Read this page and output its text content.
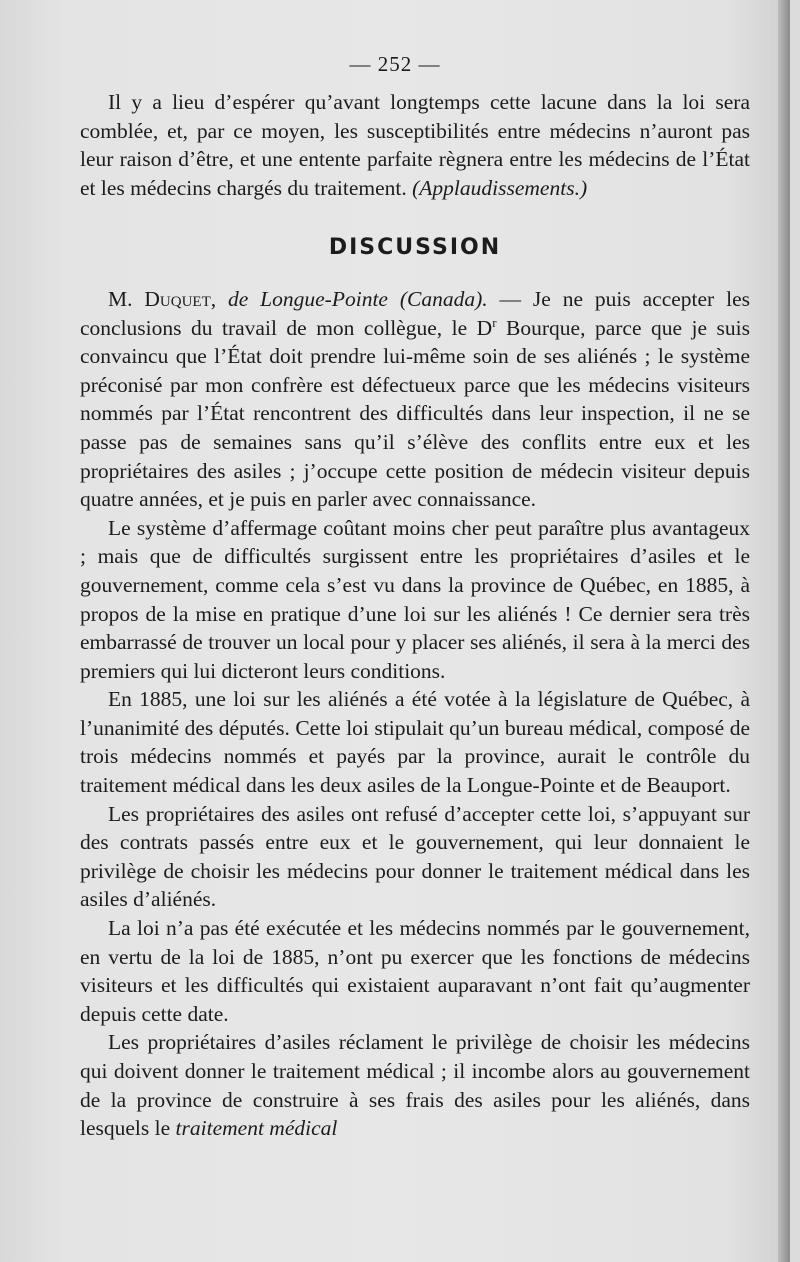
— 252 —

Il y a lieu d’espérer qu’avant longtemps cette lacune dans la loi sera comblée, et, par ce moyen, les susceptibilités entre médecins n’auront pas leur raison d’être, et une entente parfaite règnera entre les médecins de l’État et les médecins chargés du traitement. (Applaudissements.)

DISCUSSION

M. Duquet, de Longue-Pointe (Canada). — Je ne puis accepter les conclusions du travail de mon collègue, le $D^r$ Bourque, parce que je suis convaincu que l’État doit prendre lui-même soin de ses aliénés ; le système préconisé par mon confrère est défectueux parce que les médecins visiteurs nommés par l’État rencontrent des difficultés dans leur inspection, il ne se passe pas de semaines sans qu’il s’élève des conflits entre eux et les propriétaires des asiles ; j’occupe cette position de médecin visiteur depuis quatre années, et je puis en parler avec connaissance.

Le système d’affermage coûtant moins cher peut paraître plus avantageux ; mais que de difficultés surgissent entre les propriétaires d’asiles et le gouvernement, comme cela s’est vu dans la province de Québec, en 1885, à propos de la mise en pratique d’une loi sur les aliénés ! Ce dernier sera très embarrassé de trouver un local pour y placer ses aliénés, il sera à la merci des premiers qui lui dicteront leurs conditions.

En 1885, une loi sur les aliénés a été votée à la législature de Québec, à l’unanimité des députés. Cette loi stipulait qu’un bureau médical, composé de trois médecins nommés et payés par la province, aurait le contrôle du traitement médical dans les deux asiles de la Longue-Pointe et de Beauport.

Les propriétaires des asiles ont refusé d’accepter cette loi, s’appuyant sur des contrats passés entre eux et le gouvernement, qui leur donnaient le privilège de choisir les médecins pour donner le traitement médical dans les asiles d’aliénés.

La loi n’a pas été exécutée et les médecins nommés par le gouvernement, en vertu de la loi de 1885, n’ont pu exercer que les fonctions de médecins visiteurs et les difficultés qui existaient auparavant n’ont fait qu’augmenter depuis cette date.

Les propriétaires d’asiles réclament le privilège de choisir les médecins qui doivent donner le traitement médical ; il incombe alors au gouvernement de la province de construire à ses frais des asiles pour les aliénés, dans lesquels le traitement médical
